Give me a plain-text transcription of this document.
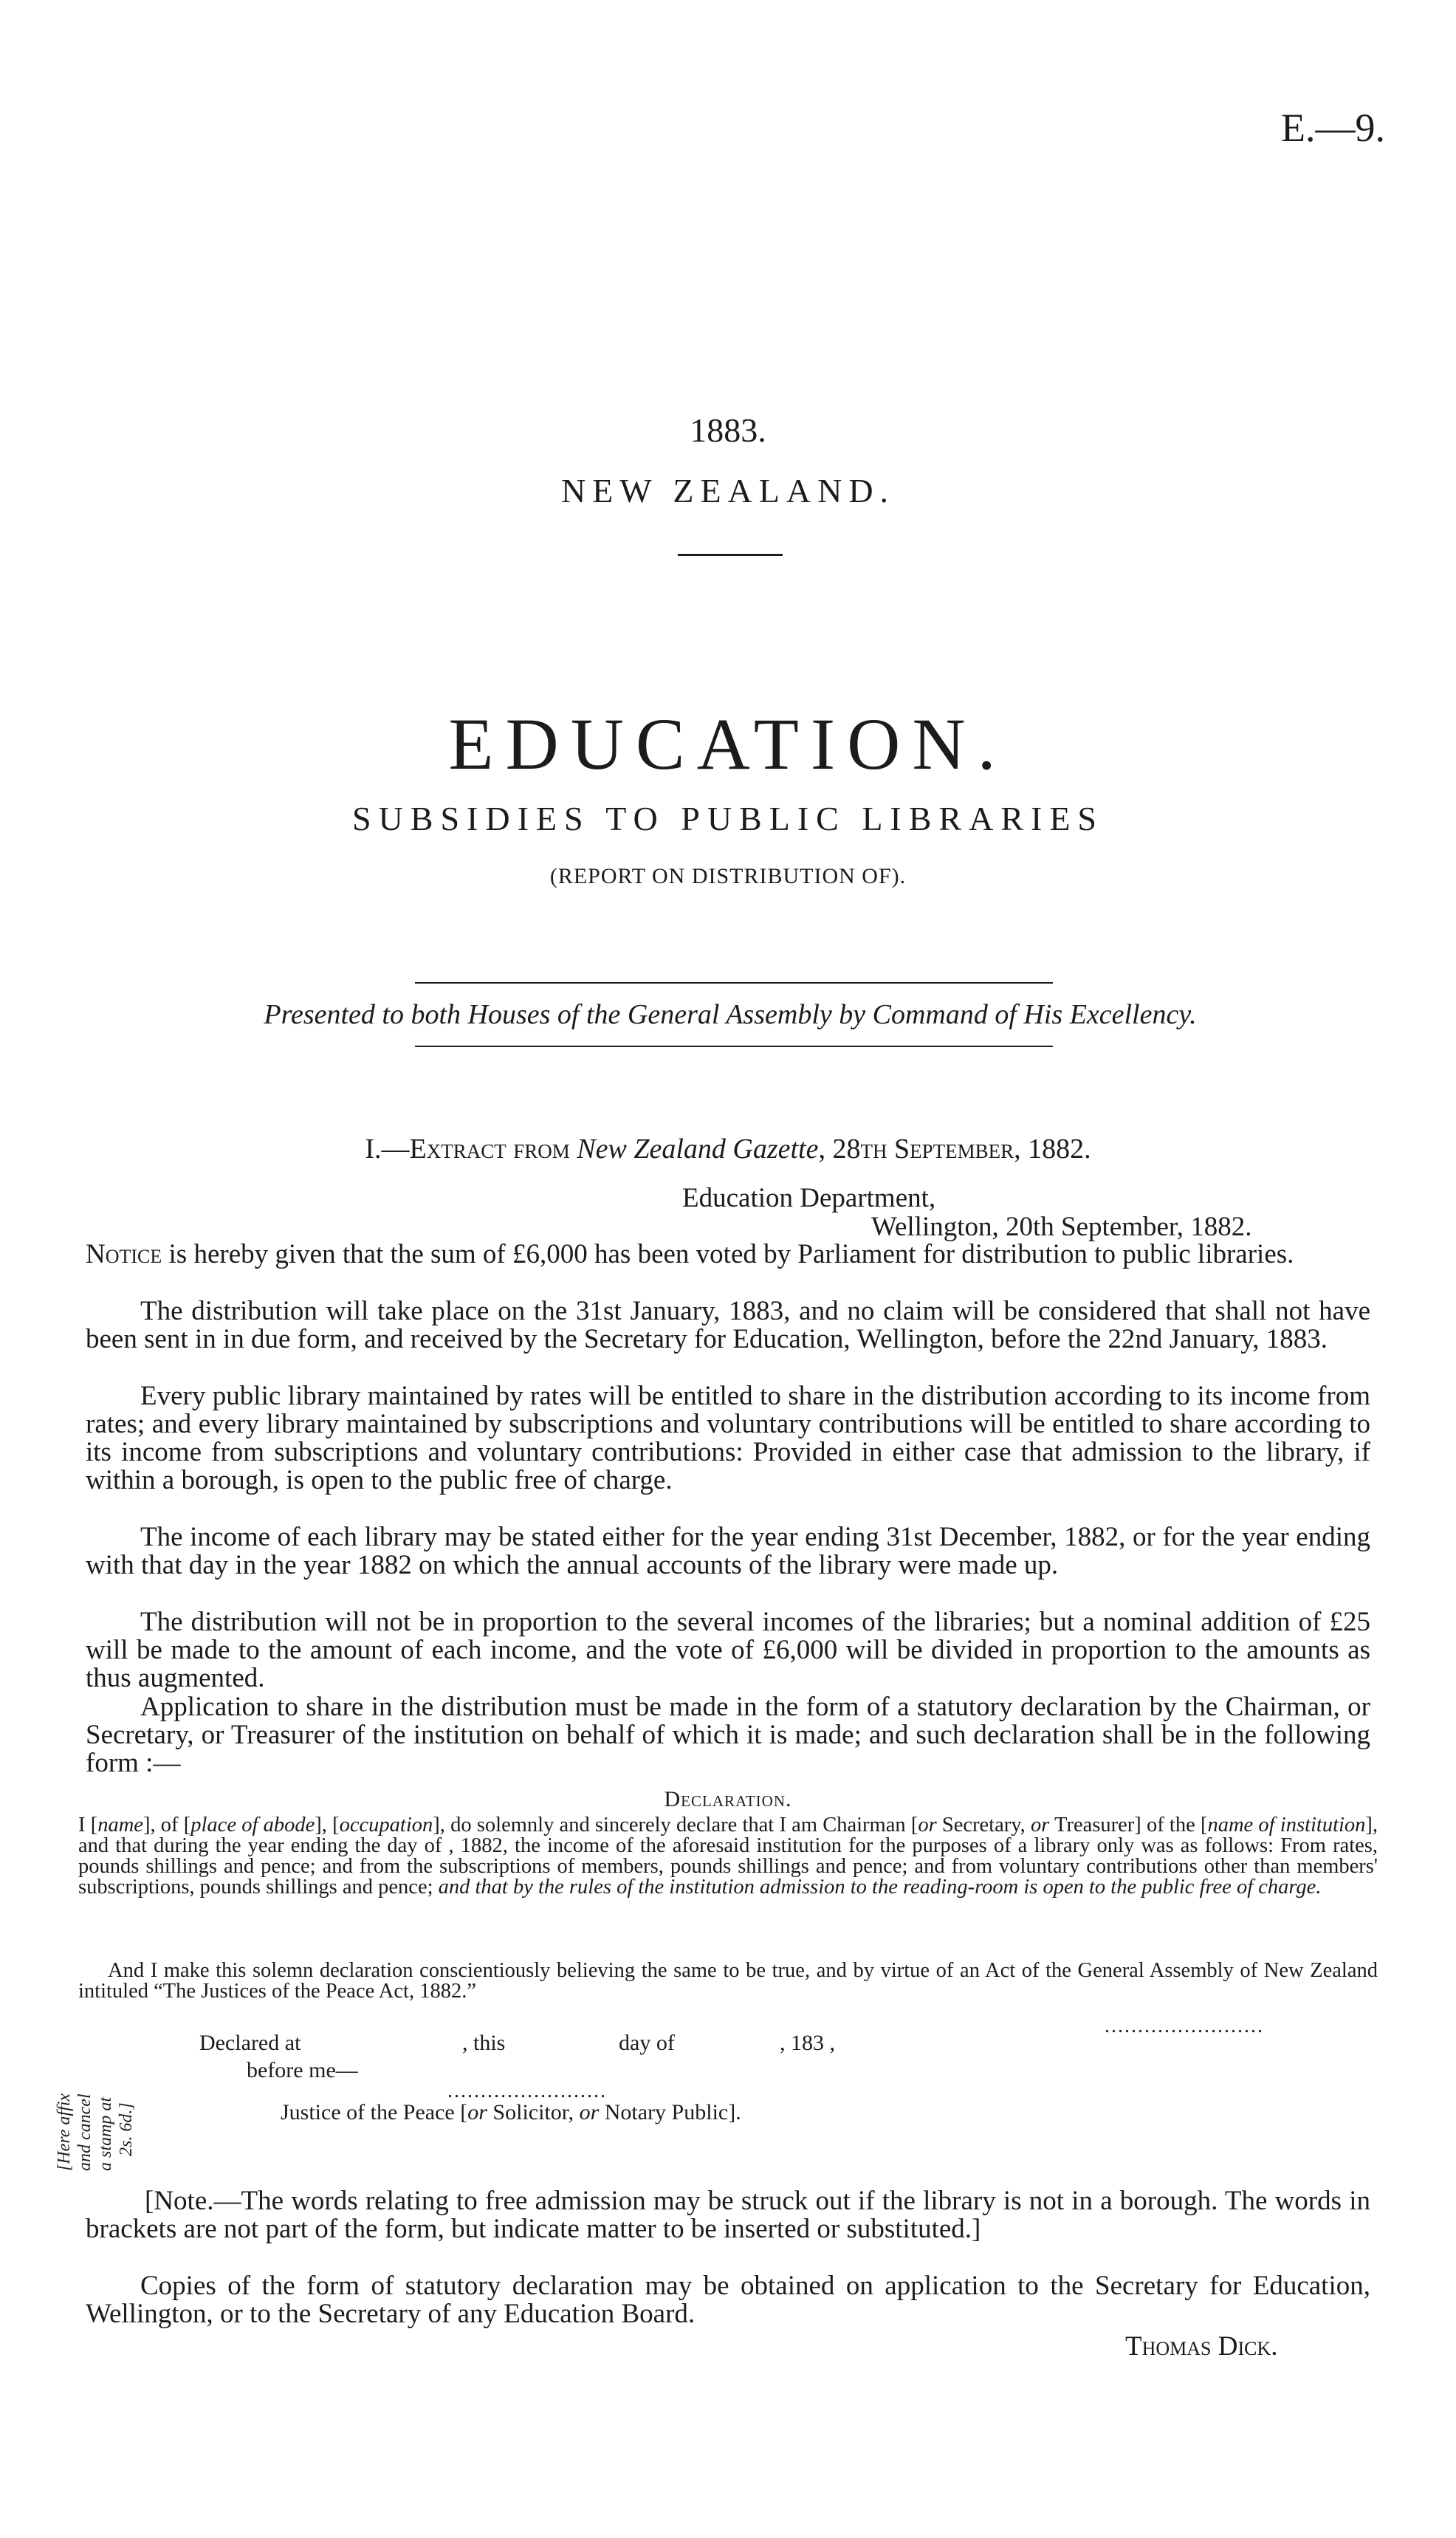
E.—9.
1883.
NEW ZEALAND.
EDUCATION.
SUBSIDIES TO PUBLIC LIBRARIES
(REPORT ON DISTRIBUTION OF).
Presented to both Houses of the General Assembly by Command of His Excellency.
I.—Extract from New Zealand Gazette, 28th September, 1882.
Education Department,
Wellington, 20th September, 1882.

Notice is hereby given that the sum of £6,000 has been voted by Parliament for distribution to public libraries.

The distribution will take place on the 31st January, 1883, and no claim will be considered that shall not have been sent in in due form, and received by the Secretary for Education, Wellington, before the 22nd January, 1883.

Every public library maintained by rates will be entitled to share in the distribution according to its income from rates; and every library maintained by subscriptions and voluntary contributions will be entitled to share according to its income from subscriptions and voluntary contributions: Provided in either case that admission to the library, if within a borough, is open to the public free of charge.

The income of each library may be stated either for the year ending 31st December, 1882, or for the year ending with that day in the year 1882 on which the annual accounts of the library were made up.

The distribution will not be in proportion to the several incomes of the libraries; but a nominal addition of £25 will be made to the amount of each income, and the vote of £6,000 will be divided in proportion to the amounts as thus augmented.

Application to share in the distribution must be made in the form of a statutory declaration by the Chairman, or Secretary, or Treasurer of the institution on behalf of which it is made; and such declaration shall be in the following form :—

Declaration.

I [name], of [place of abode], [occupation], do solemnly and sincerely declare that I am Chairman [or Secretary, or Treasurer] of the [name of institution], and that during the year ending the day of , 1882, the income of the aforesaid institution for the purposes of a library only was as follows: From rates, pounds shillings and pence; and from the subscriptions of members, pounds shillings and pence; and from voluntary contributions other than members' subscriptions, pounds shillings and pence; and that by the rules of the institution admission to the reading-room is open to the public free of charge.

And I make this solemn declaration conscientiously believing the same to be true, and by virtue of an Act of the General Assembly of New Zealand intituled “The Justices of the Peace Act, 1882.”

[Here affix and cancel a stamp at 2s. 6d.]
........................
Declared at	, this	day of	, 183 ,
before me—
........................
Justice of the Peace [or Solicitor, or Notary Public].

[Note.—The words relating to free admission may be struck out if the library is not in a borough. The words in brackets are not part of the form, but indicate matter to be inserted or substituted.]

Copies of the form of statutory declaration may be obtained on application to the Secretary for Education, Wellington, or to the Secretary of any Education Board.

Thomas Dick.
